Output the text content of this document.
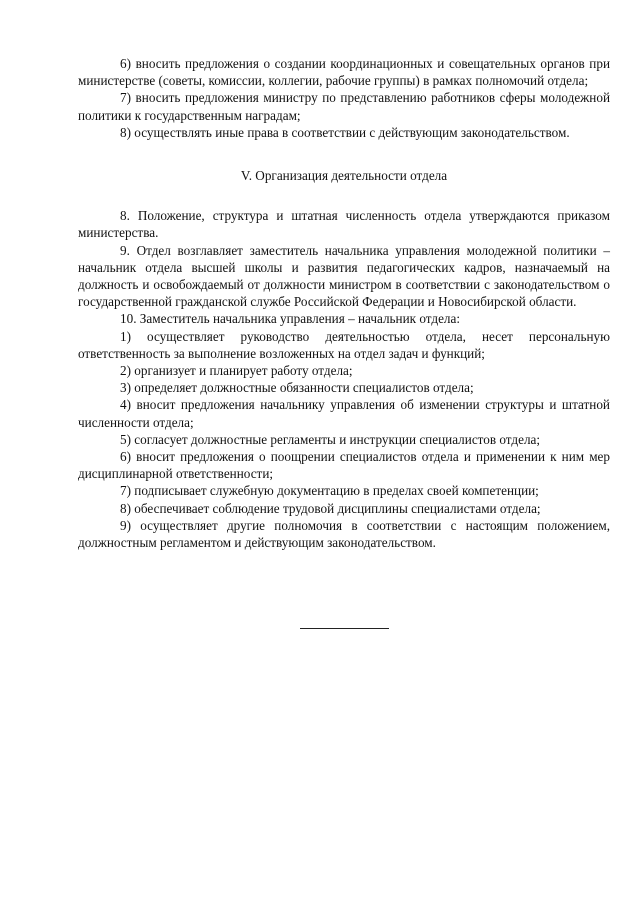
6) вносить предложения о создании координационных и совещательных органов при министерстве (советы, комиссии, коллегии, рабочие группы) в рамках полномочий отдела;

7) вносить предложения министру по представлению работников сферы молодежной политики к государственным наградам;

8) осуществлять иные права в соответствии с действующим законодательством.

V. Организация деятельности отдела

8. Положение, структура и штатная численность отдела утверждаются приказом министерства.

9. Отдел возглавляет заместитель начальника управления молодежной политики – начальник отдела высшей школы и развития педагогических кадров, назначаемый на должность и освобождаемый от должности министром в соответствии с законодательством о государственной гражданской службе Российской Федерации и Новосибирской области.

10. Заместитель начальника управления – начальник отдела:

1) осуществляет руководство деятельностью отдела, несет персональную ответственность за выполнение возложенных на отдел задач и функций;

2) организует и планирует работу отдела;

3) определяет должностные обязанности специалистов отдела;

4) вносит предложения начальнику управления об изменении структуры и штатной численности отдела;

5) согласует должностные регламенты и инструкции специалистов отдела;

6) вносит предложения о поощрении специалистов отдела и применении к ним мер дисциплинарной ответственности;

7) подписывает служебную документацию в пределах своей компетенции;

8) обеспечивает соблюдение трудовой дисциплины специалистами отдела;

9) осуществляет другие полномочия в соответствии с настоящим положением, должностным регламентом и действующим законодательством.
